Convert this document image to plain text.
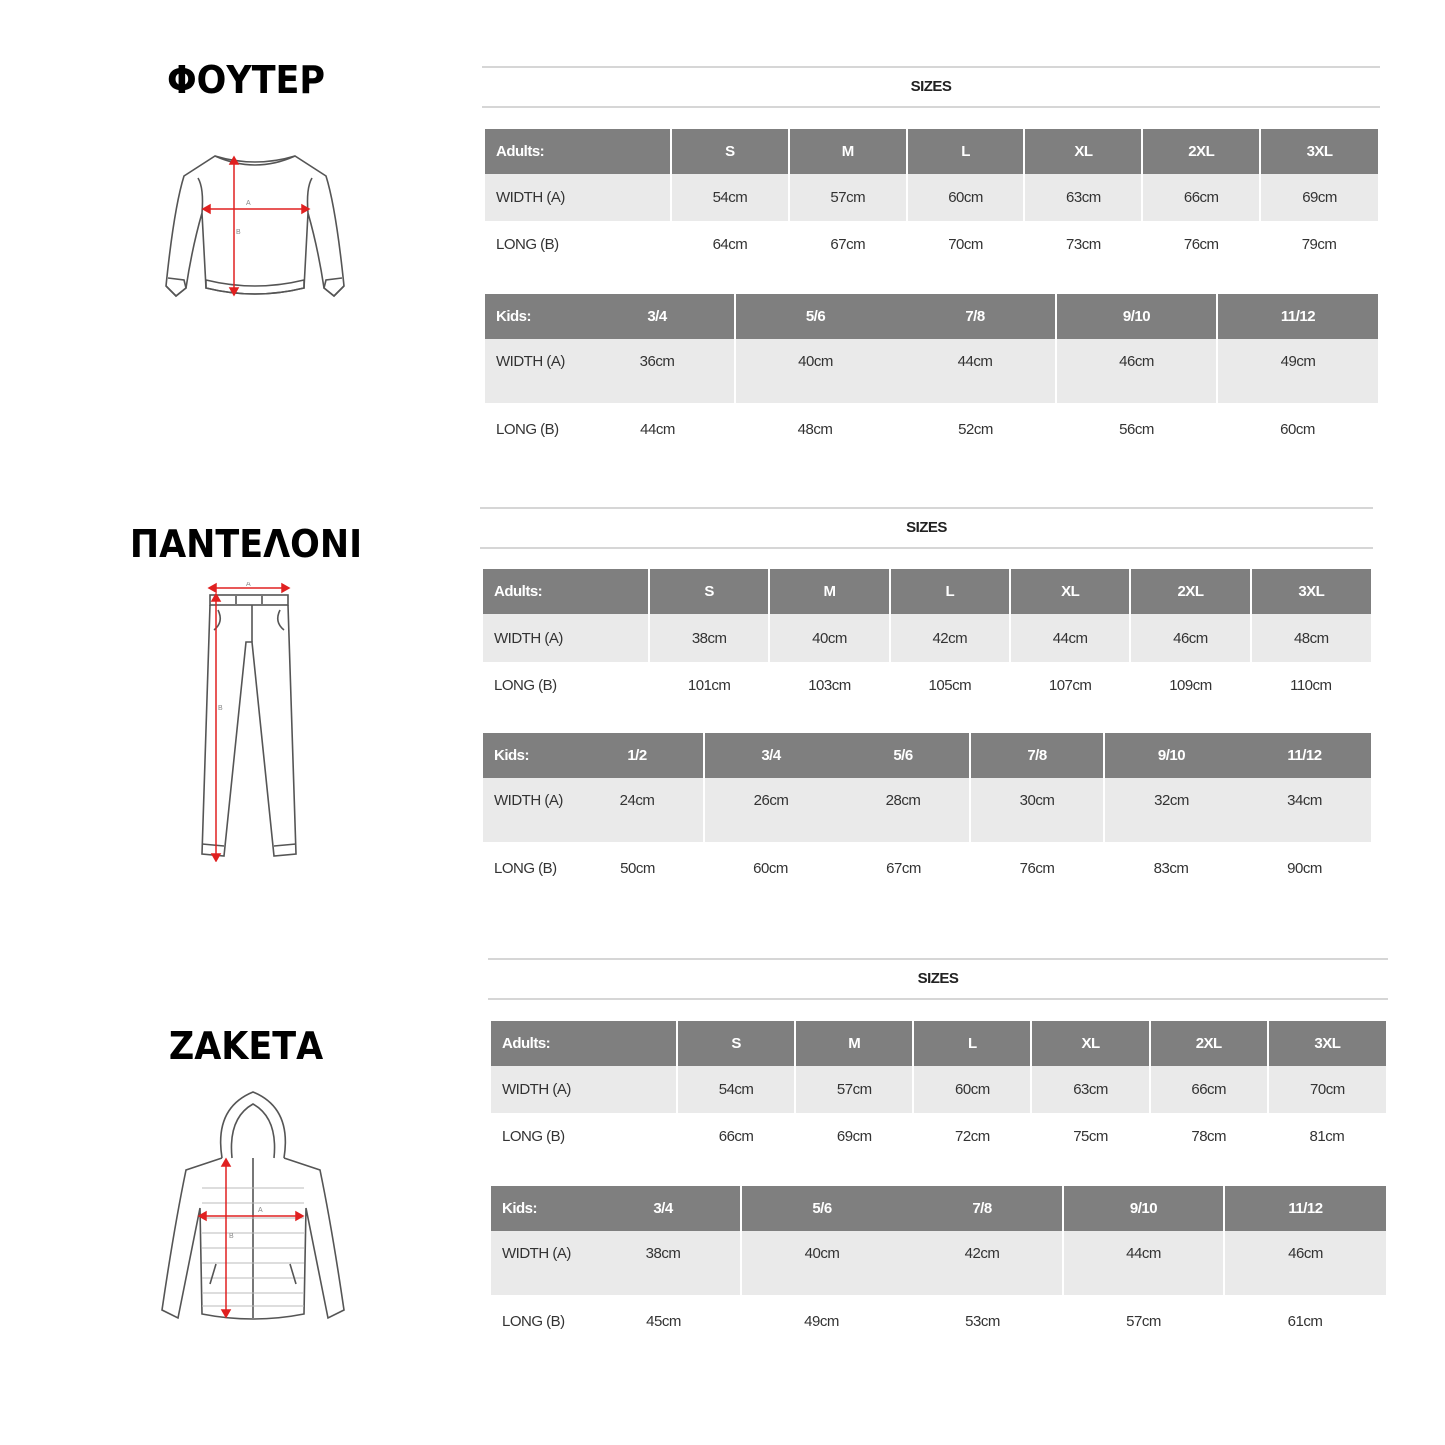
ΦΟΥΤΕΡ
A
B
SIZES
Adults:	S	M	L	XL	2XL	3XL
WIDTH (A)	54cm	57cm	60cm	63cm	66cm	69cm
LONG (B)	64cm	67cm	70cm	73cm	76cm	79cm
Kids:	3/4	5/6	7/8	9/10	11/12
WIDTH (A)	36cm	40cm	44cm	46cm	49cm
LONG (B)	44cm	48cm	52cm	56cm	60cm
ΠΑΝΤΕΛΟΝΙ
A
B
SIZES
Adults:	S	M	L	XL	2XL	3XL
WIDTH (A)	38cm	40cm	42cm	44cm	46cm	48cm
LONG (B)	101cm	103cm	105cm	107cm	109cm	110cm
Kids:	1/2	3/4	5/6	7/8	9/10	11/12
WIDTH (A)	24cm	26cm	28cm	30cm	32cm	34cm
LONG (B)	50cm	60cm	67cm	76cm	83cm	90cm
ΖΑΚΕΤΑ
A
B
SIZES
Adults:	S	M	L	XL	2XL	3XL
WIDTH (A)	54cm	57cm	60cm	63cm	66cm	70cm
LONG (B)	66cm	69cm	72cm	75cm	78cm	81cm
Kids:	3/4	5/6	7/8	9/10	11/12
WIDTH (A)	38cm	40cm	42cm	44cm	46cm
LONG (B)	45cm	49cm	53cm	57cm	61cm
